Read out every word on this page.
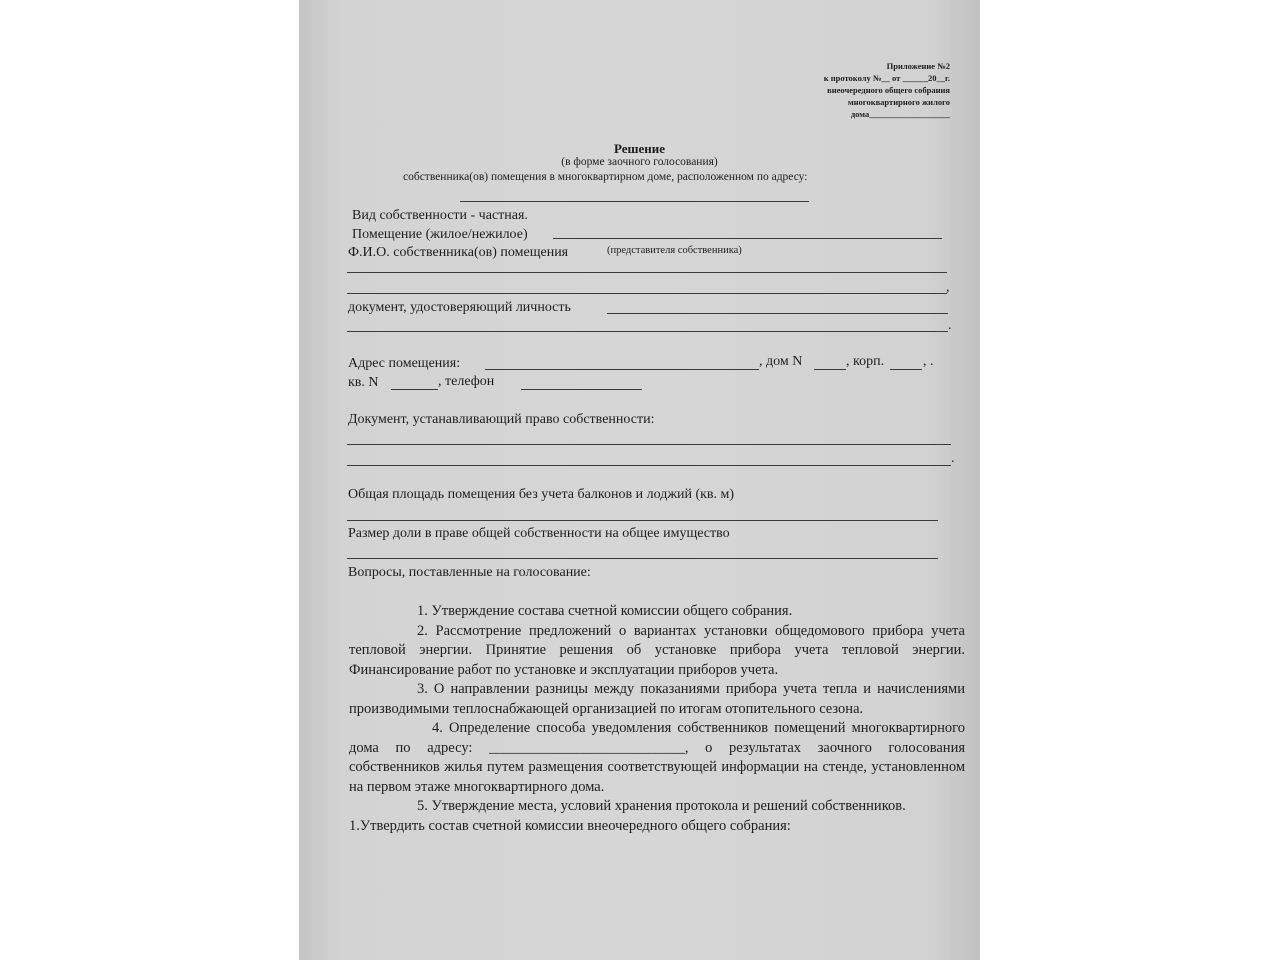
Приложение №2
к протоколу №__ от ______20__г.
внеочередного общего собрания
многоквартирного жилого
дома___________________
Решение
(в форме заочного голосования)
собственника(ов) помещения в многоквартирном доме, расположенном по адресу:
Вид собственности - частная.
Помещение (жилое/нежилое)
Ф.И.О. собственника(ов) помещения	(представителя собственника)
,
документ, удостоверяющий личность
.
Адрес помещения:	, дом N	, корп.	, .
кв. N	, телефон
Документ, устанавливающий право собственности:
.
Общая площадь помещения без учета балконов и лоджий (кв. м)
Размер доли в праве общей собственности на общее имущество
Вопросы, поставленные на голосование:

1. Утверждение состава счетной комиссии общего собрания.

2. Рассмотрение предложений о вариантах установки общедомового прибора учета тепловой энергии. Принятие решения об установке прибора учета тепловой энергии. Финансирование работ по установке и эксплуатации приборов учета.

3. О направлении разницы между показаниями прибора учета тепла и начислениями производимыми теплоснабжающей организацией по итогам отопительного сезона.

4. Определение способа уведомления собственников помещений многоквартирного дома по адресу: ___________________________, о результатах заочного голосования собственников жилья путем размещения соответствующей информации на стенде, установленном на первом этаже многоквартирного дома.

5. Утверждение места, условий хранения протокола и решений собственников.

1.Утвердить состав счетной комиссии внеочередного общего собрания:
